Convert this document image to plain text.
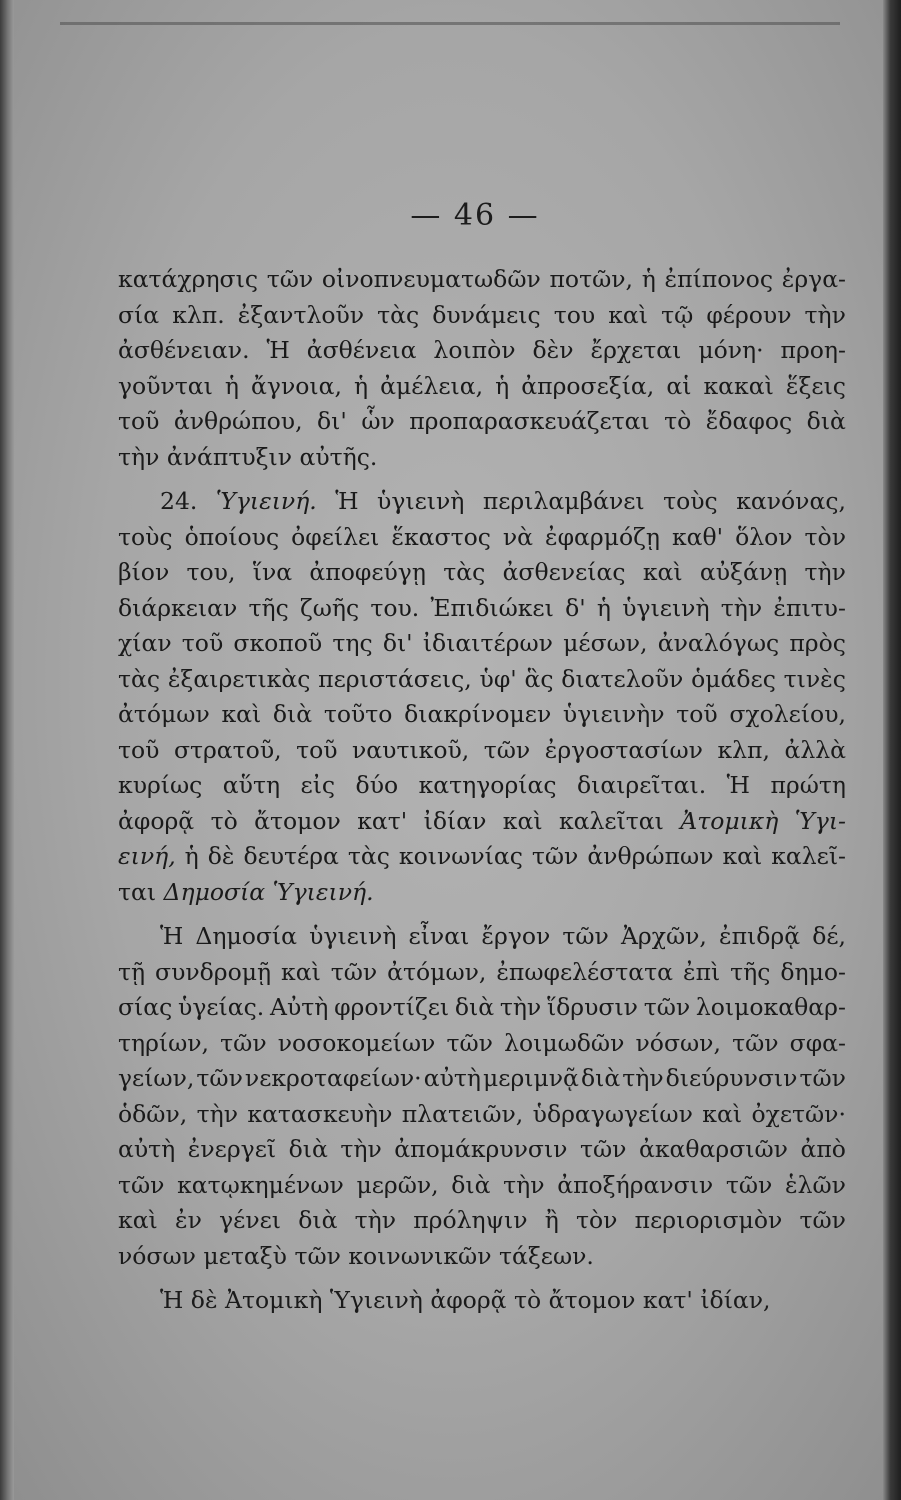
— 46 —
κατάχρησις τῶν οἰνοπνευματωδῶν ποτῶν, ἡ ἐπίπονος ἐργα-
σία κλπ. ἐξαντλοῦν τὰς δυνάμεις του καὶ τῷ φέρουν τὴν
ἀσθένειαν. Ἡ ἀσθένεια λοιπὸν δὲν ἔρχεται μόνη· προη-
γοῦνται ἡ ἄγνοια, ἡ ἀμέλεια, ἡ ἀπροσεξία, αἱ κακαὶ ἕξεις
τοῦ ἀνθρώπου, δι' ὧν προπαρασκευάζεται τὸ ἔδαφος διὰ
τὴν ἀνάπτυξιν αὐτῆς.
24. Ὑγιεινή. Ἡ ὑγιεινὴ περιλαμβάνει τοὺς κανόνας,
τοὺς ὁποίους ὀφείλει ἕκαστος νὰ ἐφαρμόζῃ καθ' ὅλον τὸν
βίον του, ἵνα ἀποφεύγῃ τὰς ἀσθενείας καὶ αὐξάνῃ τὴν
διάρκειαν τῆς ζωῆς του. Ἐπιδιώκει δ' ἡ ὑγιεινὴ τὴν ἐπιτυ-
χίαν τοῦ σκοποῦ της δι' ἰδιαιτέρων μέσων, ἀναλόγως πρὸς
τὰς ἐξαιρετικὰς περιστάσεις, ὑφ' ἃς διατελοῦν ὁμάδες τινὲς
ἀτόμων καὶ διὰ τοῦτο διακρίνομεν ὑγιεινὴν τοῦ σχολείου,
τοῦ στρατοῦ, τοῦ ναυτικοῦ, τῶν ἐργοστασίων κλπ, ἀλλὰ
κυρίως αὕτη εἰς δύο κατηγορίας διαιρεῖται. Ἡ πρώτη
ἀφορᾷ τὸ ἄτομον κατ' ἰδίαν καὶ καλεῖται Ἀτομικὴ Ὑγι-
εινή, ἡ δὲ δευτέρα τὰς κοινωνίας τῶν ἀνθρώπων καὶ καλεῖ-
ται Δημοσία Ὑγιεινή.
Ἡ Δημοσία ὑγιεινὴ εἶναι ἔργον τῶν Ἀρχῶν, ἐπιδρᾷ δέ,
τῇ συνδρομῇ καὶ τῶν ἀτόμων, ἐπωφελέστατα ἐπὶ τῆς δημο-
σίας ὑγείας. Αὐτὴ φροντίζει διὰ τὴν ἵδρυσιν τῶν λοιμοκαθαρ-
τηρίων, τῶν νοσοκομείων τῶν λοιμωδῶν νόσων, τῶν σφα-
γείων, τῶν νεκροταφείων· αὐτὴ μεριμνᾷ διὰ τὴν διεύρυνσιν τῶν
ὁδῶν, τὴν κατασκευὴν πλατειῶν, ὑδραγωγείων καὶ ὀχετῶν·
αὐτὴ ἐνεργεῖ διὰ τὴν ἀπομάκρυνσιν τῶν ἀκαθαρσιῶν ἀπὸ
τῶν κατῳκημένων μερῶν, διὰ τὴν ἀποξήρανσιν τῶν ἑλῶν
καὶ ἐν γένει διὰ τὴν πρόληψιν ἢ τὸν περιορισμὸν τῶν
νόσων μεταξὺ τῶν κοινωνικῶν τάξεων.
Ἡ δὲ Ἀτομικὴ Ὑγιεινὴ ἀφορᾷ τὸ ἄτομον κατ' ἰδίαν,
